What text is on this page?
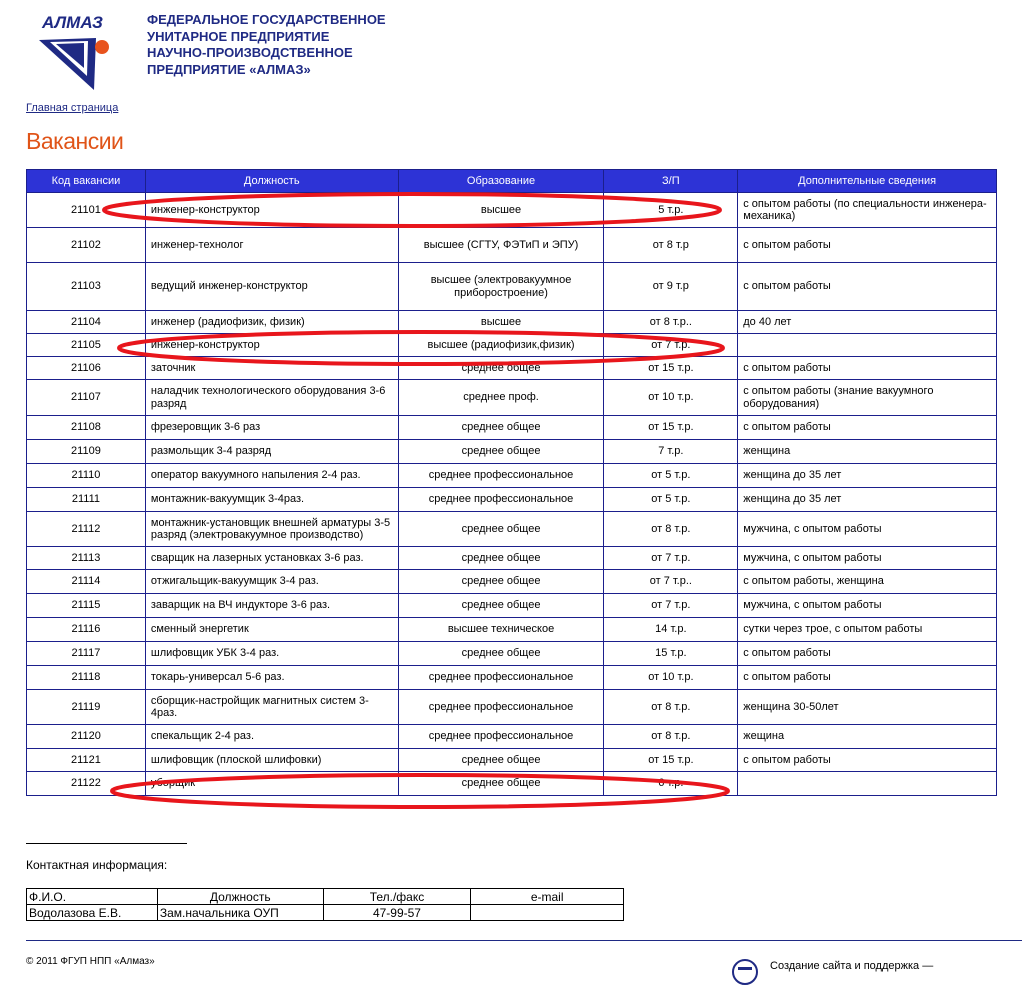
АЛМАЗ	ФЕДЕРАЛЬНОЕ ГОСУДАРСТВЕННОЕ
УНИТАРНОЕ ПРЕДПРИЯТИЕ
НАУЧНО-ПРОИЗВОДСТВЕННОЕ
ПРЕДПРИЯТИЕ «АЛМАЗ»
Главная страница
Вакансии
Код вакансии	Должность	Образование	З/П	Дополнительные сведения
21101	инженер-конструктор	высшее	5 т.р.	с опытом работы (по специальности инженера-механика)
21102	инженер-технолог	высшее (СГТУ, ФЭТиП и ЭПУ)	от 8 т.р	с опытом работы
21103	ведущий инженер-конструктор	высшее (электровакуумное приборостроение)	от 9 т.р	с опытом работы
21104	инженер (радиофизик, физик)	высшее	от 8 т.р..	до 40 лет
21105	инженер-конструктор	высшее (радиофизик,физик)	от 7 т.р.	
21106	заточник	среднее общее	от 15 т.р.	с опытом работы
21107	наладчик технологического оборудования 3-6 разряд	среднее проф.	от 10 т.р.	с опытом работы (знание вакуумного оборудования)
21108	фрезеровщик 3-6 раз	среднее общее	от 15 т.р.	с опытом работы
21109	размольщик 3-4 разряд	среднее общее	7 т.р.	женщина
21110	оператор вакуумного напыления 2-4 раз.	среднее профессиональное	от 5 т.р.	женщина до 35 лет
21111	монтажник-вакуумщик 3-4раз.	среднее профессиональное	от 5 т.р.	женщина до 35 лет
21112	монтажник-установщик внешней арматуры 3-5 разряд (электровакуумное производство)	среднее общее	от 8 т.р.	мужчина, с опытом работы
21113	сварщик на лазерных установках 3-6 раз.	среднее общее	от 7 т.р.	мужчина, с опытом работы
21114	отжигальщик-вакуумщик 3-4 раз.	среднее общее	от 7 т.р..	с опытом работы, женщина
21115	заварщик на ВЧ индукторе 3-6 раз.	среднее общее	от 7 т.р.	мужчина, с опытом работы
21116	сменный энергетик	высшее техническое	14 т.р.	сутки через трое, с опытом работы
21117	шлифовщик УБК 3-4 раз.	среднее общее	15 т.р.	с опытом работы
21118	токарь-универсал 5-6 раз.	среднее профессиональное	от 10 т.р.	с опытом работы
21119	сборщик-настройщик магнитных систем 3-4раз.	среднее профессиональное	от 8 т.р.	женщина 30-50лет
21120	спекальщик 2-4 раз.	среднее профессиональное	от 8 т.р.	жещина
21121	шлифовщик (плоской шлифовки)	среднее общее	от 15 т.р.	с опытом работы
21122	уборщик	среднее общее	6 т.р.	
Контактная информация:
Ф.И.О.	Должность	Тел./факс	e-mail
Водолазова Е.В.	Зам.начальника ОУП	47-99-57	
© 2011 ФГУП НПП «Алмаз»	Создание сайта и поддержка —
